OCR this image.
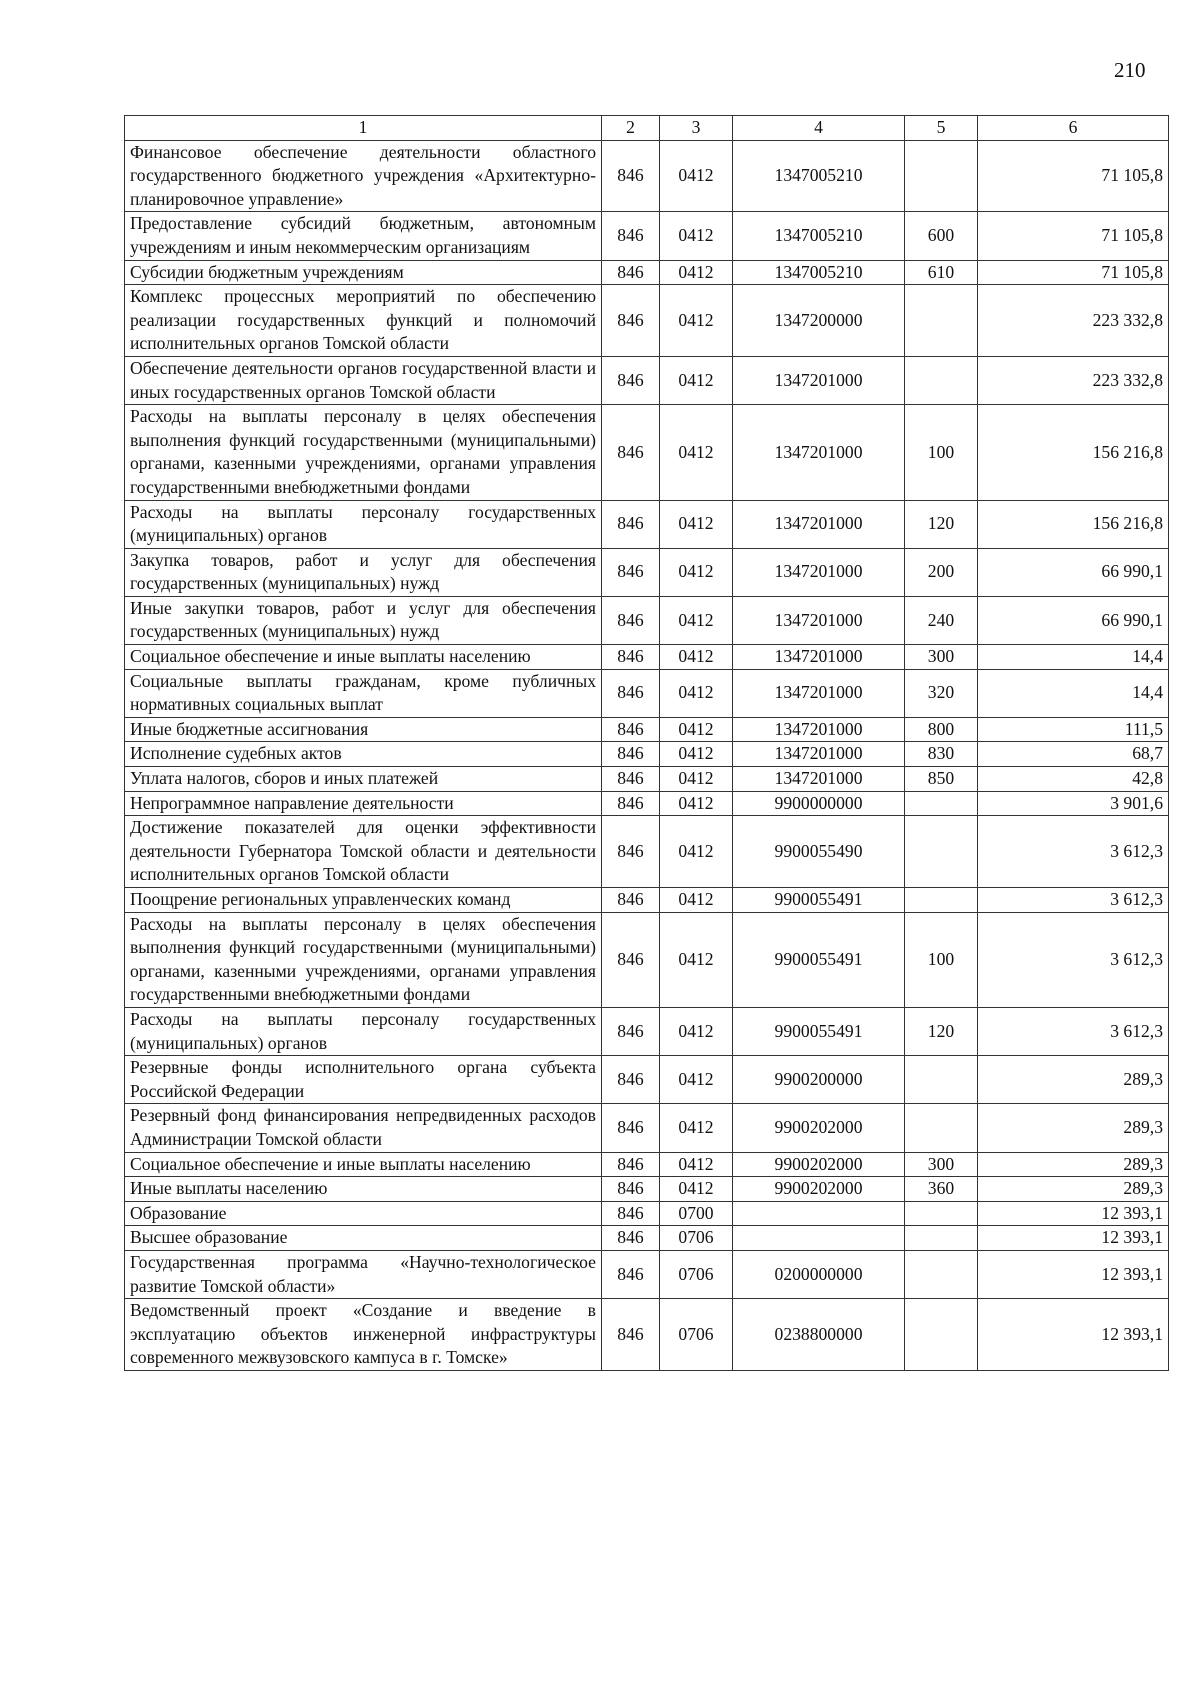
210
1	2	3	4	5	6
Финансовое обеспечение деятельности областного государственного бюджетного учреждения «Архитектурно-планировочное управление»	846	0412	1347005210		71 105,8
Предоставление субсидий бюджетным, автономным учреждениям и иным некоммерческим организациям	846	0412	1347005210	600	71 105,8
Субсидии бюджетным учреждениям	846	0412	1347005210	610	71 105,8
Комплекс процессных мероприятий по обеспечению реализации государственных функций и полномочий исполнительных органов Томской области	846	0412	1347200000		223 332,8
Обеспечение деятельности органов государственной власти и иных государственных органов Томской области	846	0412	1347201000		223 332,8
Расходы на выплаты персоналу в целях обеспечения выполнения функций государственными (муниципальными) органами, казенными учреждениями, органами управления государственными внебюджетными фондами	846	0412	1347201000	100	156 216,8
Расходы на выплаты персоналу государственных (муниципальных) органов	846	0412	1347201000	120	156 216,8
Закупка товаров, работ и услуг для обеспечения государственных (муниципальных) нужд	846	0412	1347201000	200	66 990,1
Иные закупки товаров, работ и услуг для обеспечения государственных (муниципальных) нужд	846	0412	1347201000	240	66 990,1
Социальное обеспечение и иные выплаты населению	846	0412	1347201000	300	14,4
Социальные выплаты гражданам, кроме публичных нормативных социальных выплат	846	0412	1347201000	320	14,4
Иные бюджетные ассигнования	846	0412	1347201000	800	111,5
Исполнение судебных актов	846	0412	1347201000	830	68,7
Уплата налогов, сборов и иных платежей	846	0412	1347201000	850	42,8
Непрограммное направление деятельности	846	0412	9900000000		3 901,6
Достижение показателей для оценки эффективности деятельности Губернатора Томской области и деятельности исполнительных органов Томской области	846	0412	9900055490		3 612,3
Поощрение региональных управленческих команд	846	0412	9900055491		3 612,3
Расходы на выплаты персоналу в целях обеспечения выполнения функций государственными (муниципальными) органами, казенными учреждениями, органами управления государственными внебюджетными фондами	846	0412	9900055491	100	3 612,3
Расходы на выплаты персоналу государственных (муниципальных) органов	846	0412	9900055491	120	3 612,3
Резервные фонды исполнительного органа субъекта Российской Федерации	846	0412	9900200000		289,3
Резервный фонд финансирования непредвиденных расходов Администрации Томской области	846	0412	9900202000		289,3
Социальное обеспечение и иные выплаты населению	846	0412	9900202000	300	289,3
Иные выплаты населению	846	0412	9900202000	360	289,3
Образование	846	0700			12 393,1
Высшее образование	846	0706			12 393,1
Государственная программа «Научно-технологическое развитие Томской области»	846	0706	0200000000		12 393,1
Ведомственный проект «Создание и введение в эксплуатацию объектов инженерной инфраструктуры современного межвузовского кампуса в г. Томске»	846	0706	0238800000		12 393,1
